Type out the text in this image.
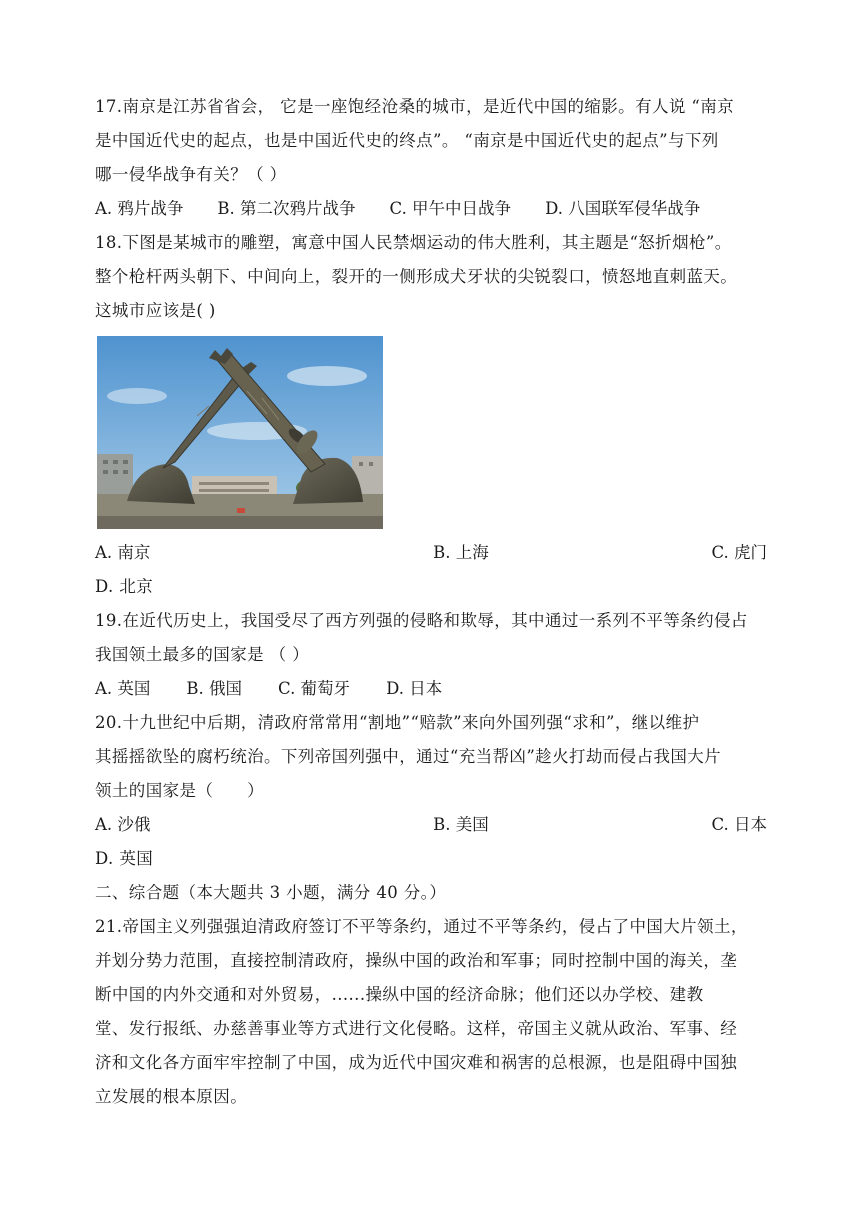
17.南京是江苏省省会， 它是一座饱经沧桑的城市，是近代中国的缩影。有人说 “南京
是中国近代史的起点，也是中国近代史的终点”。 “南京是中国近代史的起点”与下列
哪一侵华战争有关？（ ）
A. 鸦片战争 B. 第二次鸦片战争 C. 甲午中日战争 D. 八国联军侵华战争
18.下图是某城市的雕塑，寓意中国人民禁烟运动的伟大胜利，其主题是“怒折烟枪”。
整个枪杆两头朝下、中间向上，裂开的一侧形成犬牙状的尖锐裂口，愤怒地直刺蓝天。
这城市应该是( )
A. 南京	B. 上海	C. 虎门
D. 北京
19.在近代历史上，我国受尽了西方列强的侵略和欺辱，其中通过一系列不平等条约侵占
我国领土最多的国家是 （ ）
A. 英国 B. 俄国 C. 葡萄牙 D. 日本
20.十九世纪中后期，清政府常常用“割地”“赔款”来向外国列强“求和”，继以维护
其摇摇欲坠的腐朽统治。下列帝国列强中，通过“充当帮凶”趁火打劫而侵占我国大片
领土的国家是（　　）
A. 沙俄	B. 美国	C. 日本
D. 英国
二、综合题（本大题共 3 小题，满分 40 分。）
21.帝国主义列强强迫清政府签订不平等条约，通过不平等条约，侵占了中国大片领土，
并划分势力范围，直接控制清政府，操纵中国的政治和军事；同时控制中国的海关，垄
断中国的内外交通和对外贸易，......操纵中国的经济命脉；他们还以办学校、建教
堂、发行报纸、办慈善事业等方式进行文化侵略。这样，帝国主义就从政治、军事、经
济和文化各方面牢牢控制了中国，成为近代中国灾难和祸害的总根源，也是阻碍中国独
立发展的根本原因。
